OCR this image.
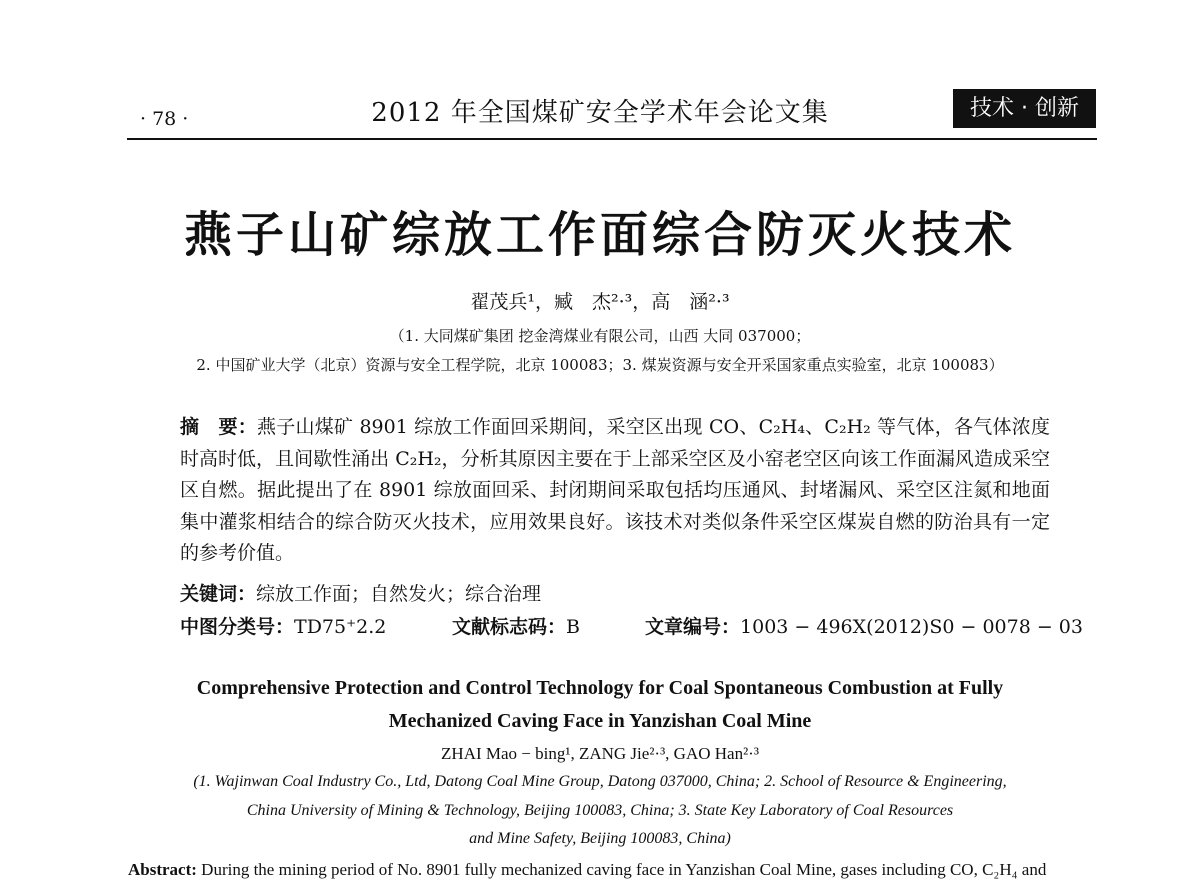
· 78 ·	2012 年全国煤矿安全学术年会论文集	技术 · 创新
燕子山矿综放工作面综合防灭火技术
翟茂兵¹，臧　杰²·³，高　涵²·³
（1. 大同煤矿集团 挖金湾煤业有限公司，山西 大同 037000；
2. 中国矿业大学（北京）资源与安全工程学院，北京 100083；3. 煤炭资源与安全开采国家重点实验室，北京 100083）
摘　要：燕子山煤矿 8901 综放工作面回采期间，采空区出现 CO、C₂H₄、C₂H₂ 等气体，各气体浓度时高时低，且间歇性涌出 C₂H₂，分析其原因主要在于上部采空区及小窑老空区向该工作面漏风造成采空区自燃。据此提出了在 8901 综放面回采、封闭期间采取包括均压通风、封堵漏风、采空区注氮和地面集中灌浆相结合的综合防灭火技术，应用效果良好。该技术对类似条件采空区煤炭自燃的防治具有一定的参考价值。
关键词：综放工作面；自然发火；综合治理
中图分类号：TD75⁺2.2	文献标志码：B	文章编号：1003 − 496X(2012)S0 − 0078 − 03
Comprehensive Protection and Control Technology for Coal Spontaneous Combustion at Fully
Mechanized Caving Face in Yanzishan Coal Mine
ZHAI Mao − bing¹, ZANG Jie²·³, GAO Han²·³
(1. Wajinwan Coal Industry Co., Ltd, Datong Coal Mine Group, Datong 037000, China; 2. School of Resource & Engineering,
China University of Mining & Technology, Beijing 100083, China; 3. State Key Laboratory of Coal Resources
and Mine Safety, Beijing 100083, China)
Abstract: During the mining period of No. 8901 fully mechanized caving face in Yanzishan Coal Mine, gases including CO, C₂H₄ and
